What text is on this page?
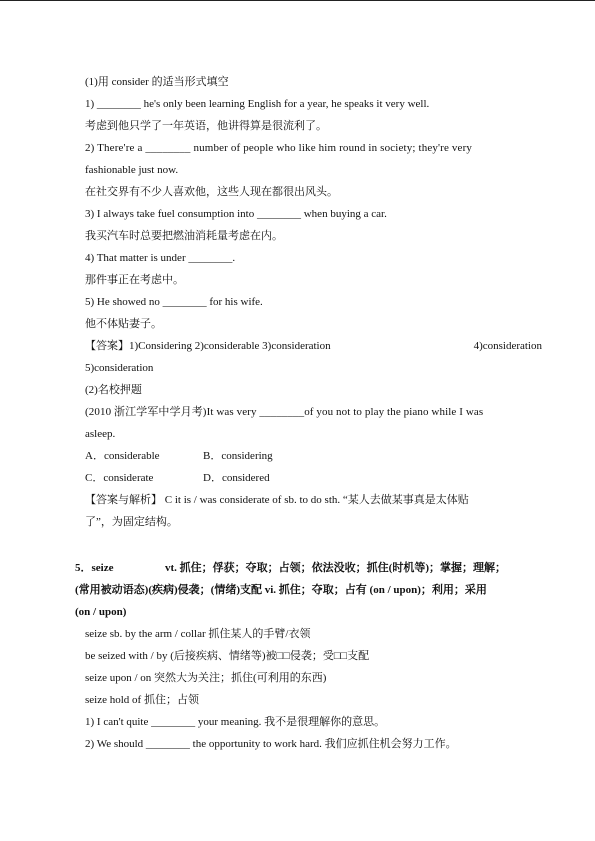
(1)用 consider 的适当形式填空
1) ________ he's only been learning English for a year, he speaks it very well.
考虑到他只学了一年英语，他讲得算是很流利了。
2) There're a ________ number of people who like him round in society; they're very
fashionable just now.
在社交界有不少人喜欢他，这些人现在都很出风头。
3) I always take fuel consumption into ________ when buying a car.
我买汽车时总要把燃油消耗量考虑在内。
4) That matter is under ________.
那件事正在考虑中。
5) He showed no ________ for his wife.
他不体贴妻子。
【答案】1)Considering 2)considerable 3)consideration	4)consideration
5)consideration
(2)名校押题
(2010 浙江学军中学月考)It was very ________of you not to play the piano while I was
asleep.
A．considerable	B．considering
C．considerate	D．considered
【答案与解析】 C it is / was considerate of sb. to do sth. “某人去做某事真是太体贴
了”，为固定结构。
5．seize	vt. 抓住；俘获；夺取；占领；依法没收；抓住(时机等)；掌握；理解；
(常用被动语态)(疾病)侵袭；(情绪)支配 vi. 抓住；夺取；占有 (on / upon)；利用；采用
(on / upon)
seize sb. by the arm / collar 抓住某人的手臂/衣领
be seized with / by (后接疾病、情绪等)被□□侵袭；受□□支配
seize upon / on 突然大为关注；抓住(可利用的东西)
seize hold of 抓住；占领
1) I can't quite ________ your meaning. 我不是很理解你的意思。
2) We should ________ the opportunity to work hard. 我们应抓住机会努力工作。
